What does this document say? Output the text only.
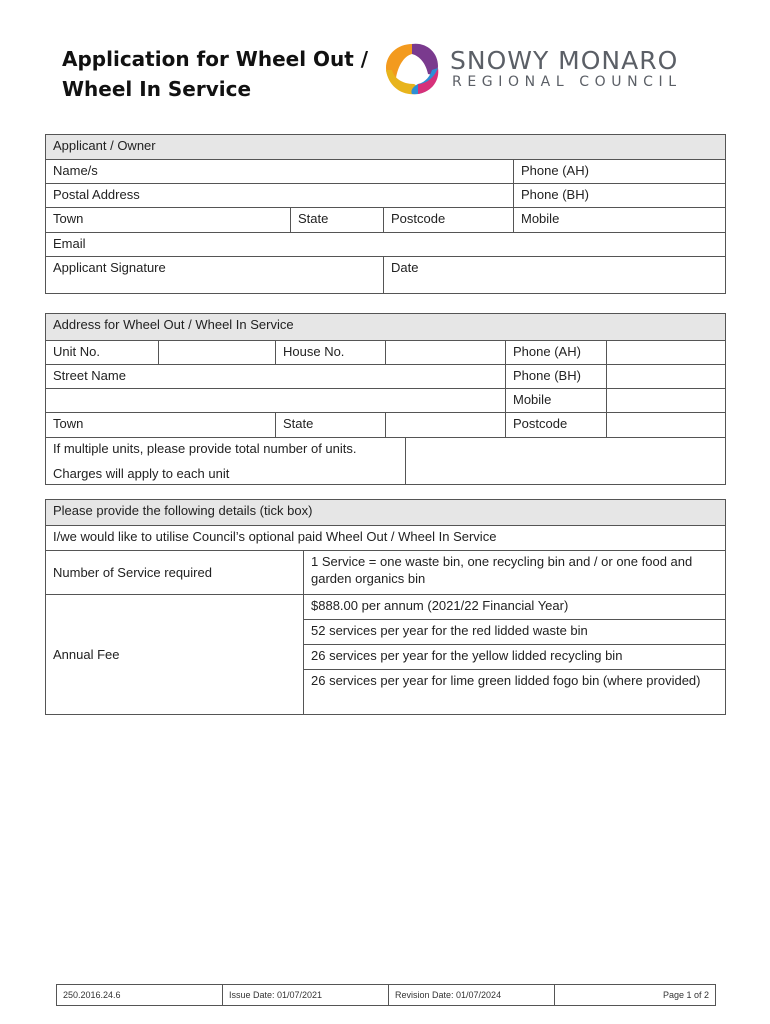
Application for Wheel Out /
Wheel In Service
SNOWY MONARO
REGIONAL COUNCIL
Applicant / Owner			
Name/s			Phone (AH)
Postal Address			Phone (BH)
Town	State	Postcode	Mobile
Email			
Applicant Signature		Date	
Address for Wheel Out / Wheel In Service						
Unit No.		House No.			Phone (AH)	
Street Name					Phone (BH)	
					Mobile	
Town		State			Postcode	

If multiple units, please provide total number of units.
Charges will apply to each unit						

Please provide the following details (tick box)	
I/we would like to utilise Council’s optional paid Wheel Out / Wheel In Service	
Number of Service required	1 Service = one waste bin, one recycling bin and / or one food and garden organics bin
Annual Fee	$888.00 per annum (2021/22 Financial Year)
	52 services per year for the red lidded waste bin
	26 services per year for the yellow lidded recycling bin
	26 services per year for lime green lidded fogo bin (where provided)
250.2016.24.6	Issue Date: 01/07/2021	Revision Date: 01/07/2024	Page 1 of 2
